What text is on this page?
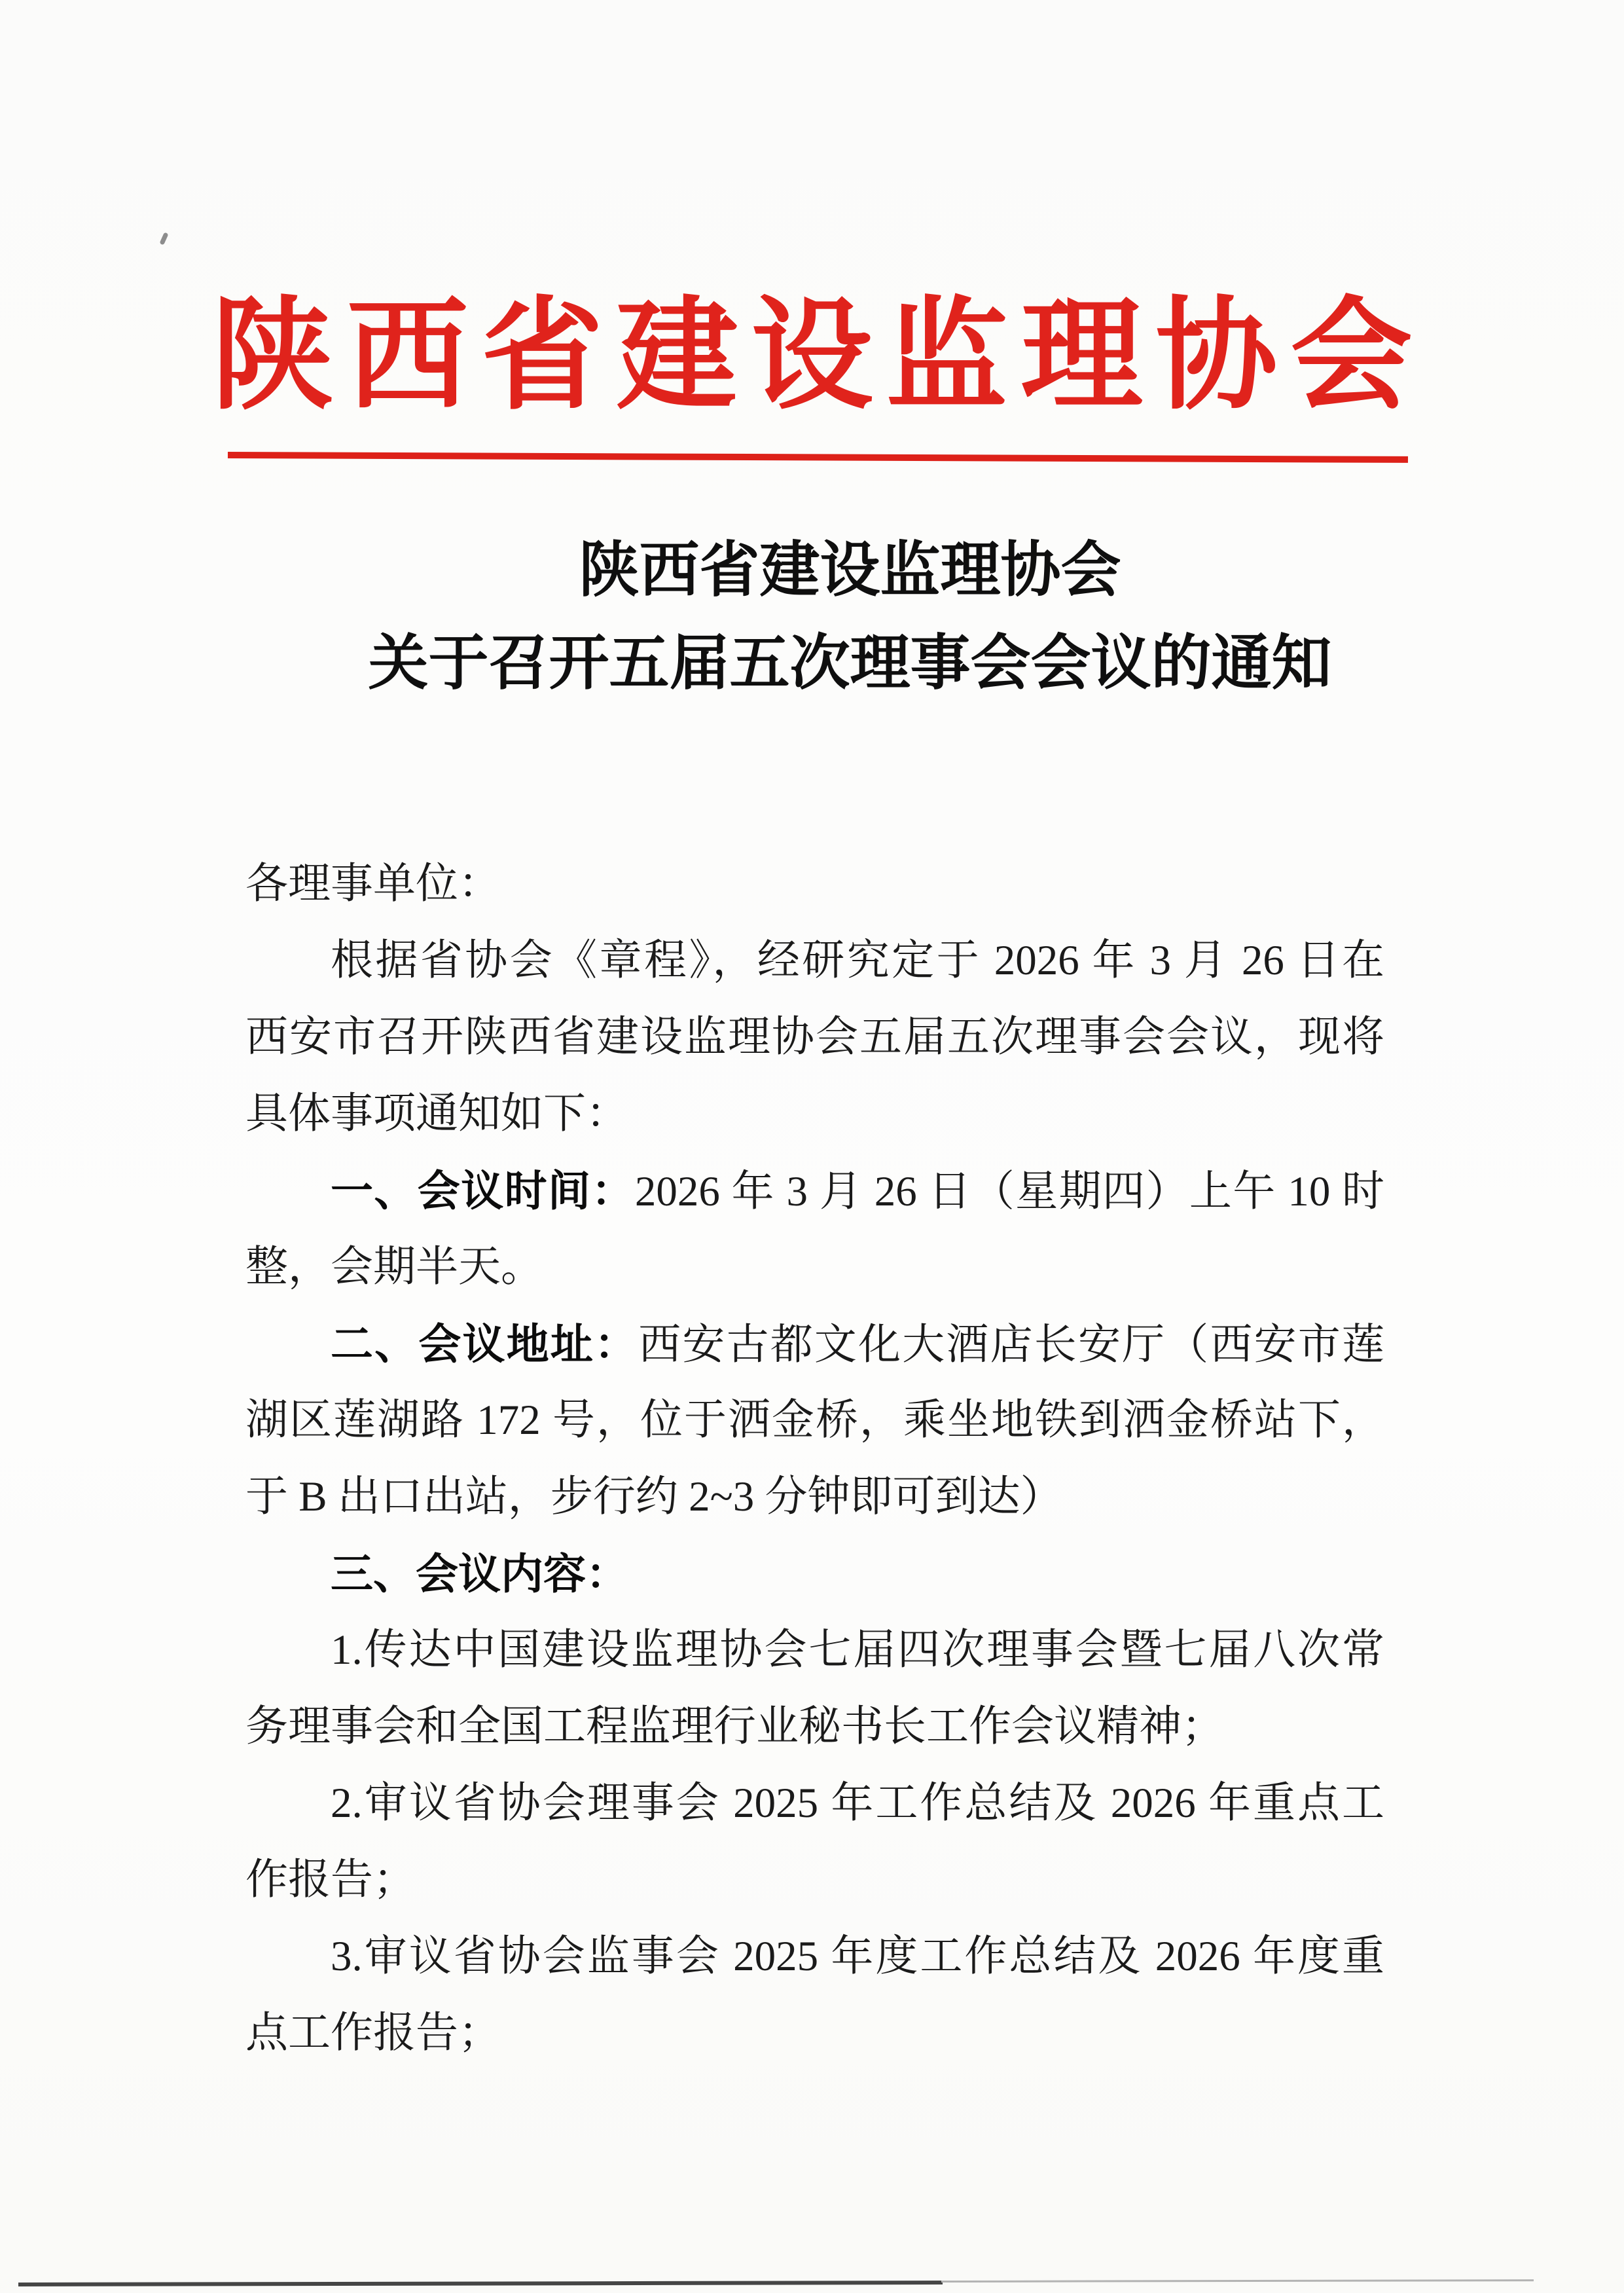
陕西省建设监理协会
陕西省建设监理协会
关于召开五届五次理事会会议的通知
各理事单位：
根据省协会《章程》，经研究定于 2026 年 3 月 26 日在
西安市召开陕西省建设监理协会五届五次理事会会议，现将
具体事项通知如下：
一、会议时间：2026 年 3 月 26 日（星期四）上午 10 时
整，会期半天。
二、会议地址：西安古都文化大酒店长安厅（西安市莲
湖区莲湖路 172 号，位于洒金桥，乘坐地铁到洒金桥站下，
于 B 出口出站，步行约 2~3 分钟即可到达）
三、会议内容：
1.传达中国建设监理协会七届四次理事会暨七届八次常
务理事会和全国工程监理行业秘书长工作会议精神；
2.审议省协会理事会 2025 年工作总结及 2026 年重点工
作报告；
3.审议省协会监事会 2025 年度工作总结及 2026 年度重
点工作报告；
